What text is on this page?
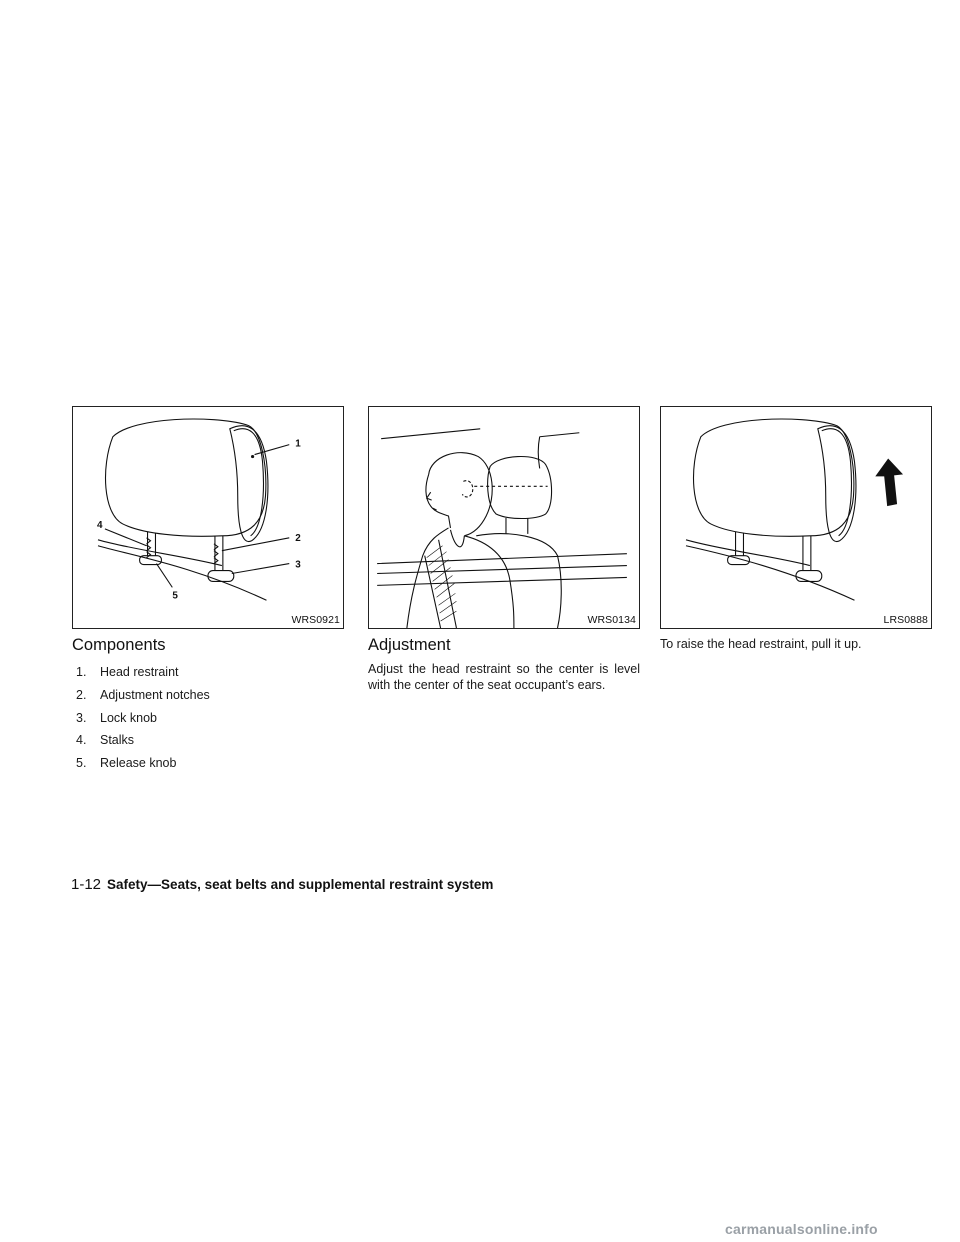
1
2
3
4
5
WRS0921	WRS0134	LRS0888
Components
1. Head restraint
2. Adjustment notches
3. Lock knob
4. Stalks
5. Release knob
Adjustment

Adjust the head restraint so the center is level with the center of the seat occupant’s ears.

To raise the head restraint, pull it up.

1-12 Safety—Seats, seat belts and supplemental restraint system
carmanualsonline.info
